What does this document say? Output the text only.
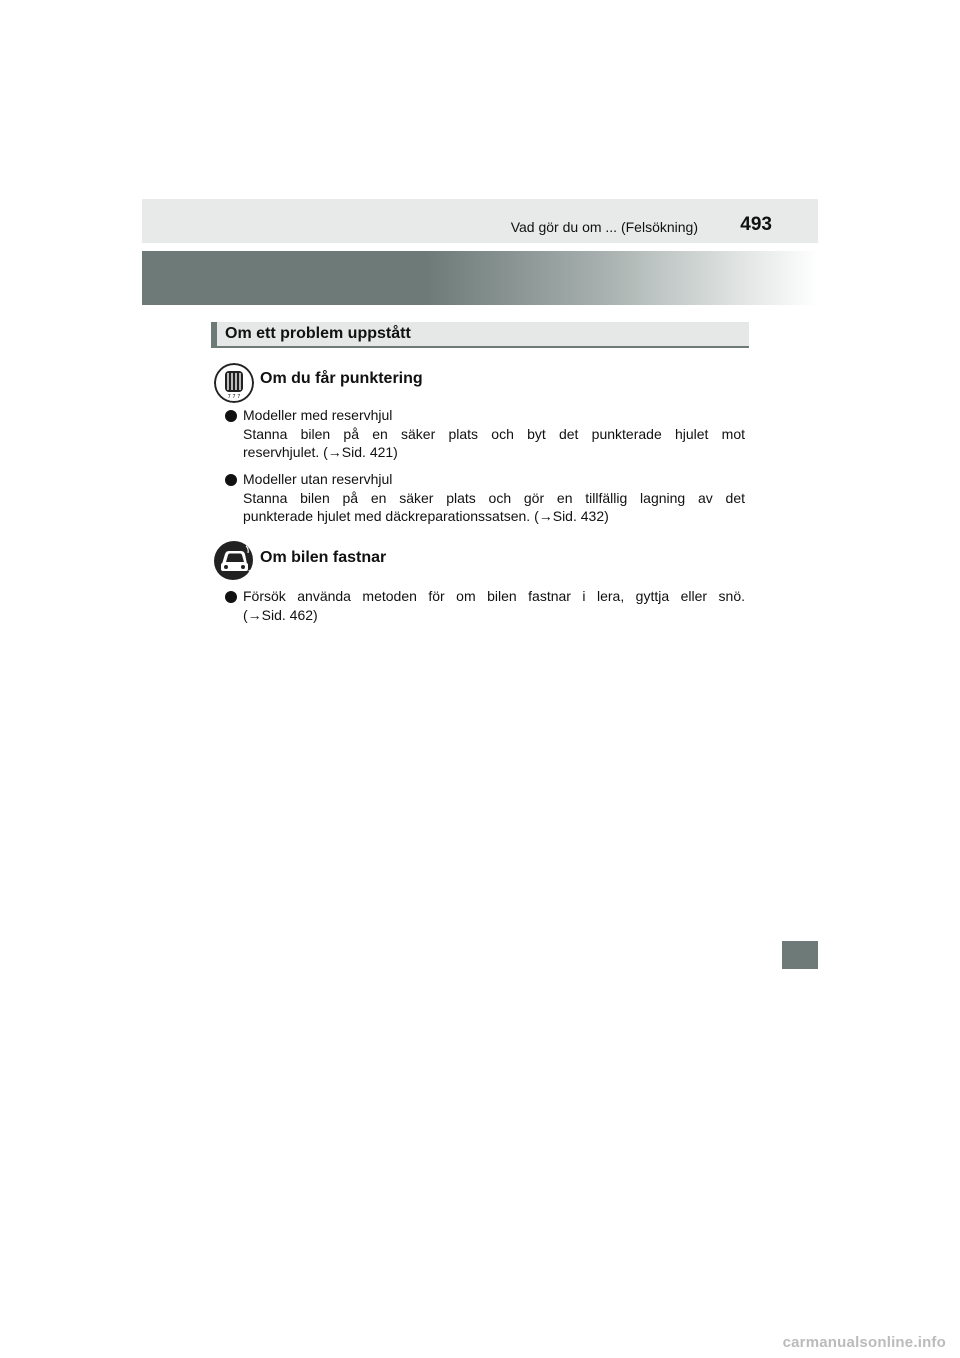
Vad gör du om ... (Felsökning) 493
Om ett problem uppstått
7 7 7
Om du får punktering
Modeller med reservhjul
Stanna bilen på en säker plats och byt det punkterade hjulet mot
reservhjulet. (→Sid. 421)
Modeller utan reservhjul
Stanna bilen på en säker plats och gör en tillfällig lagning av det
punkterade hjulet med däckreparationssatsen. (→Sid. 432)
Om bilen fastnar
Försök använda metoden för om bilen fastnar i lera, gyttja eller snö.
(→Sid. 462)
carmanualsonline.info
